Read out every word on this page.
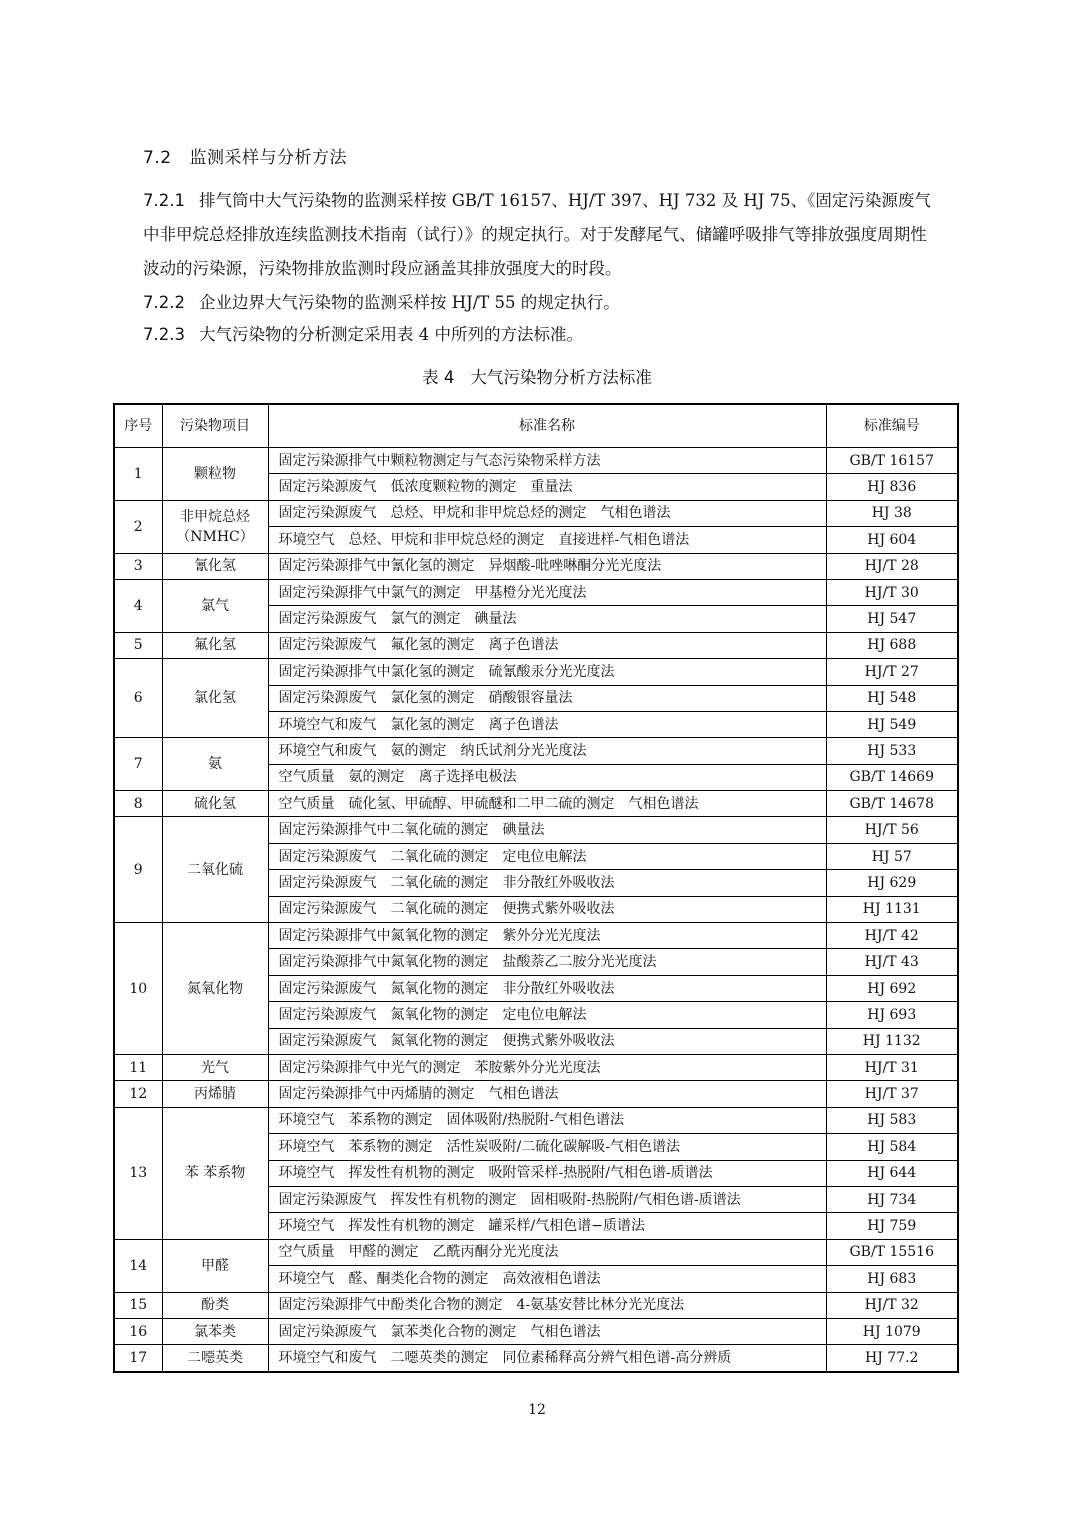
7.2 监测采样与分析方法
7.2.1 排气筒中大气污染物的监测采样按 GB/T 16157、HJ/T 397、HJ 732 及 HJ 75、《固定污染源废气中非甲烷总烃排放连续监测技术指南（试行）》的规定执行。对于发酵尾气、储罐呼吸排气等排放强度周期性波动的污染源，污染物排放监测时段应涵盖其排放强度大的时段。
7.2.2 企业边界大气污染物的监测采样按 HJ/T 55 的规定执行。
7.2.3 大气污染物的分析测定采用表 4 中所列的方法标准。
表 4 大气污染物分析方法标准
序号	污染物项目	标准名称	标准编号
1	颗粒物	固定污染源排气中颗粒物测定与气态污染物采样方法	GB/T 16157
		固定污染源废气　低浓度颗粒物的测定　重量法	HJ 836
2	非甲烷总烃（NMHC）	固定污染源废气　总烃、甲烷和非甲烷总烃的测定　气相色谱法	HJ 38
		环境空气　总烃、甲烷和非甲烷总烃的测定　直接进样-气相色谱法	HJ 604
3	氰化氢	固定污染源排气中氰化氢的测定　异烟酸-吡唑啉酮分光光度法	HJ/T 28
4	氯气	固定污染源排气中氯气的测定　甲基橙分光光度法	HJ/T 30
		固定污染源废气　氯气的测定　碘量法	HJ 547
5	氟化氢	固定污染源废气　氟化氢的测定　离子色谱法	HJ 688
6	氯化氢	固定污染源排气中氯化氢的测定　硫氰酸汞分光光度法	HJ/T 27
		固定污染源废气　氯化氢的测定　硝酸银容量法	HJ 548
		环境空气和废气　氯化氢的测定　离子色谱法	HJ 549
7	氨	环境空气和废气　氨的测定　纳氏试剂分光光度法	HJ 533
		空气质量　氨的测定　离子选择电极法	GB/T 14669
8	硫化氢	空气质量　硫化氢、甲硫醇、甲硫醚和二甲二硫的测定　气相色谱法	GB/T 14678
9	二氧化硫	固定污染源排气中二氧化硫的测定　碘量法	HJ/T 56
		固定污染源废气　二氧化硫的测定　定电位电解法	HJ 57
		固定污染源废气　二氧化硫的测定　非分散红外吸收法	HJ 629
		固定污染源废气　二氧化硫的测定　便携式紫外吸收法	HJ 1131
10	氮氧化物	固定污染源排气中氮氧化物的测定　紫外分光光度法	HJ/T 42
		固定污染源排气中氮氧化物的测定　盐酸萘乙二胺分光光度法	HJ/T 43
		固定污染源废气　氮氧化物的测定　非分散红外吸收法	HJ 692
		固定污染源废气　氮氧化物的测定　定电位电解法	HJ 693
		固定污染源废气　氮氧化物的测定　便携式紫外吸收法	HJ 1132
11	光气	固定污染源排气中光气的测定　苯胺紫外分光光度法	HJ/T 31
12	丙烯腈	固定污染源排气中丙烯腈的测定　气相色谱法	HJ/T 37
13	苯 苯系物	环境空气　苯系物的测定　固体吸附/热脱附-气相色谱法	HJ 583
		环境空气　苯系物的测定　活性炭吸附/二硫化碳解吸-气相色谱法	HJ 584
		环境空气　挥发性有机物的测定　吸附管采样-热脱附/气相色谱-质谱法	HJ 644
		固定污染源废气　挥发性有机物的测定　固相吸附-热脱附/气相色谱-质谱法	HJ 734
		环境空气　挥发性有机物的测定　罐采样/气相色谱−质谱法	HJ 759
14	甲醛	空气质量　甲醛的测定　乙酰丙酮分光光度法	GB/T 15516
		环境空气　醛、酮类化合物的测定　高效液相色谱法	HJ 683
15	酚类	固定污染源排气中酚类化合物的测定　4-氨基安替比林分光光度法	HJ/T 32
16	氯苯类	固定污染源废气　氯苯类化合物的测定　气相色谱法	HJ 1079
17	二噁英类	环境空气和废气　二噁英类的测定　同位素稀释高分辨气相色谱-高分辨质	HJ 77.2
12
